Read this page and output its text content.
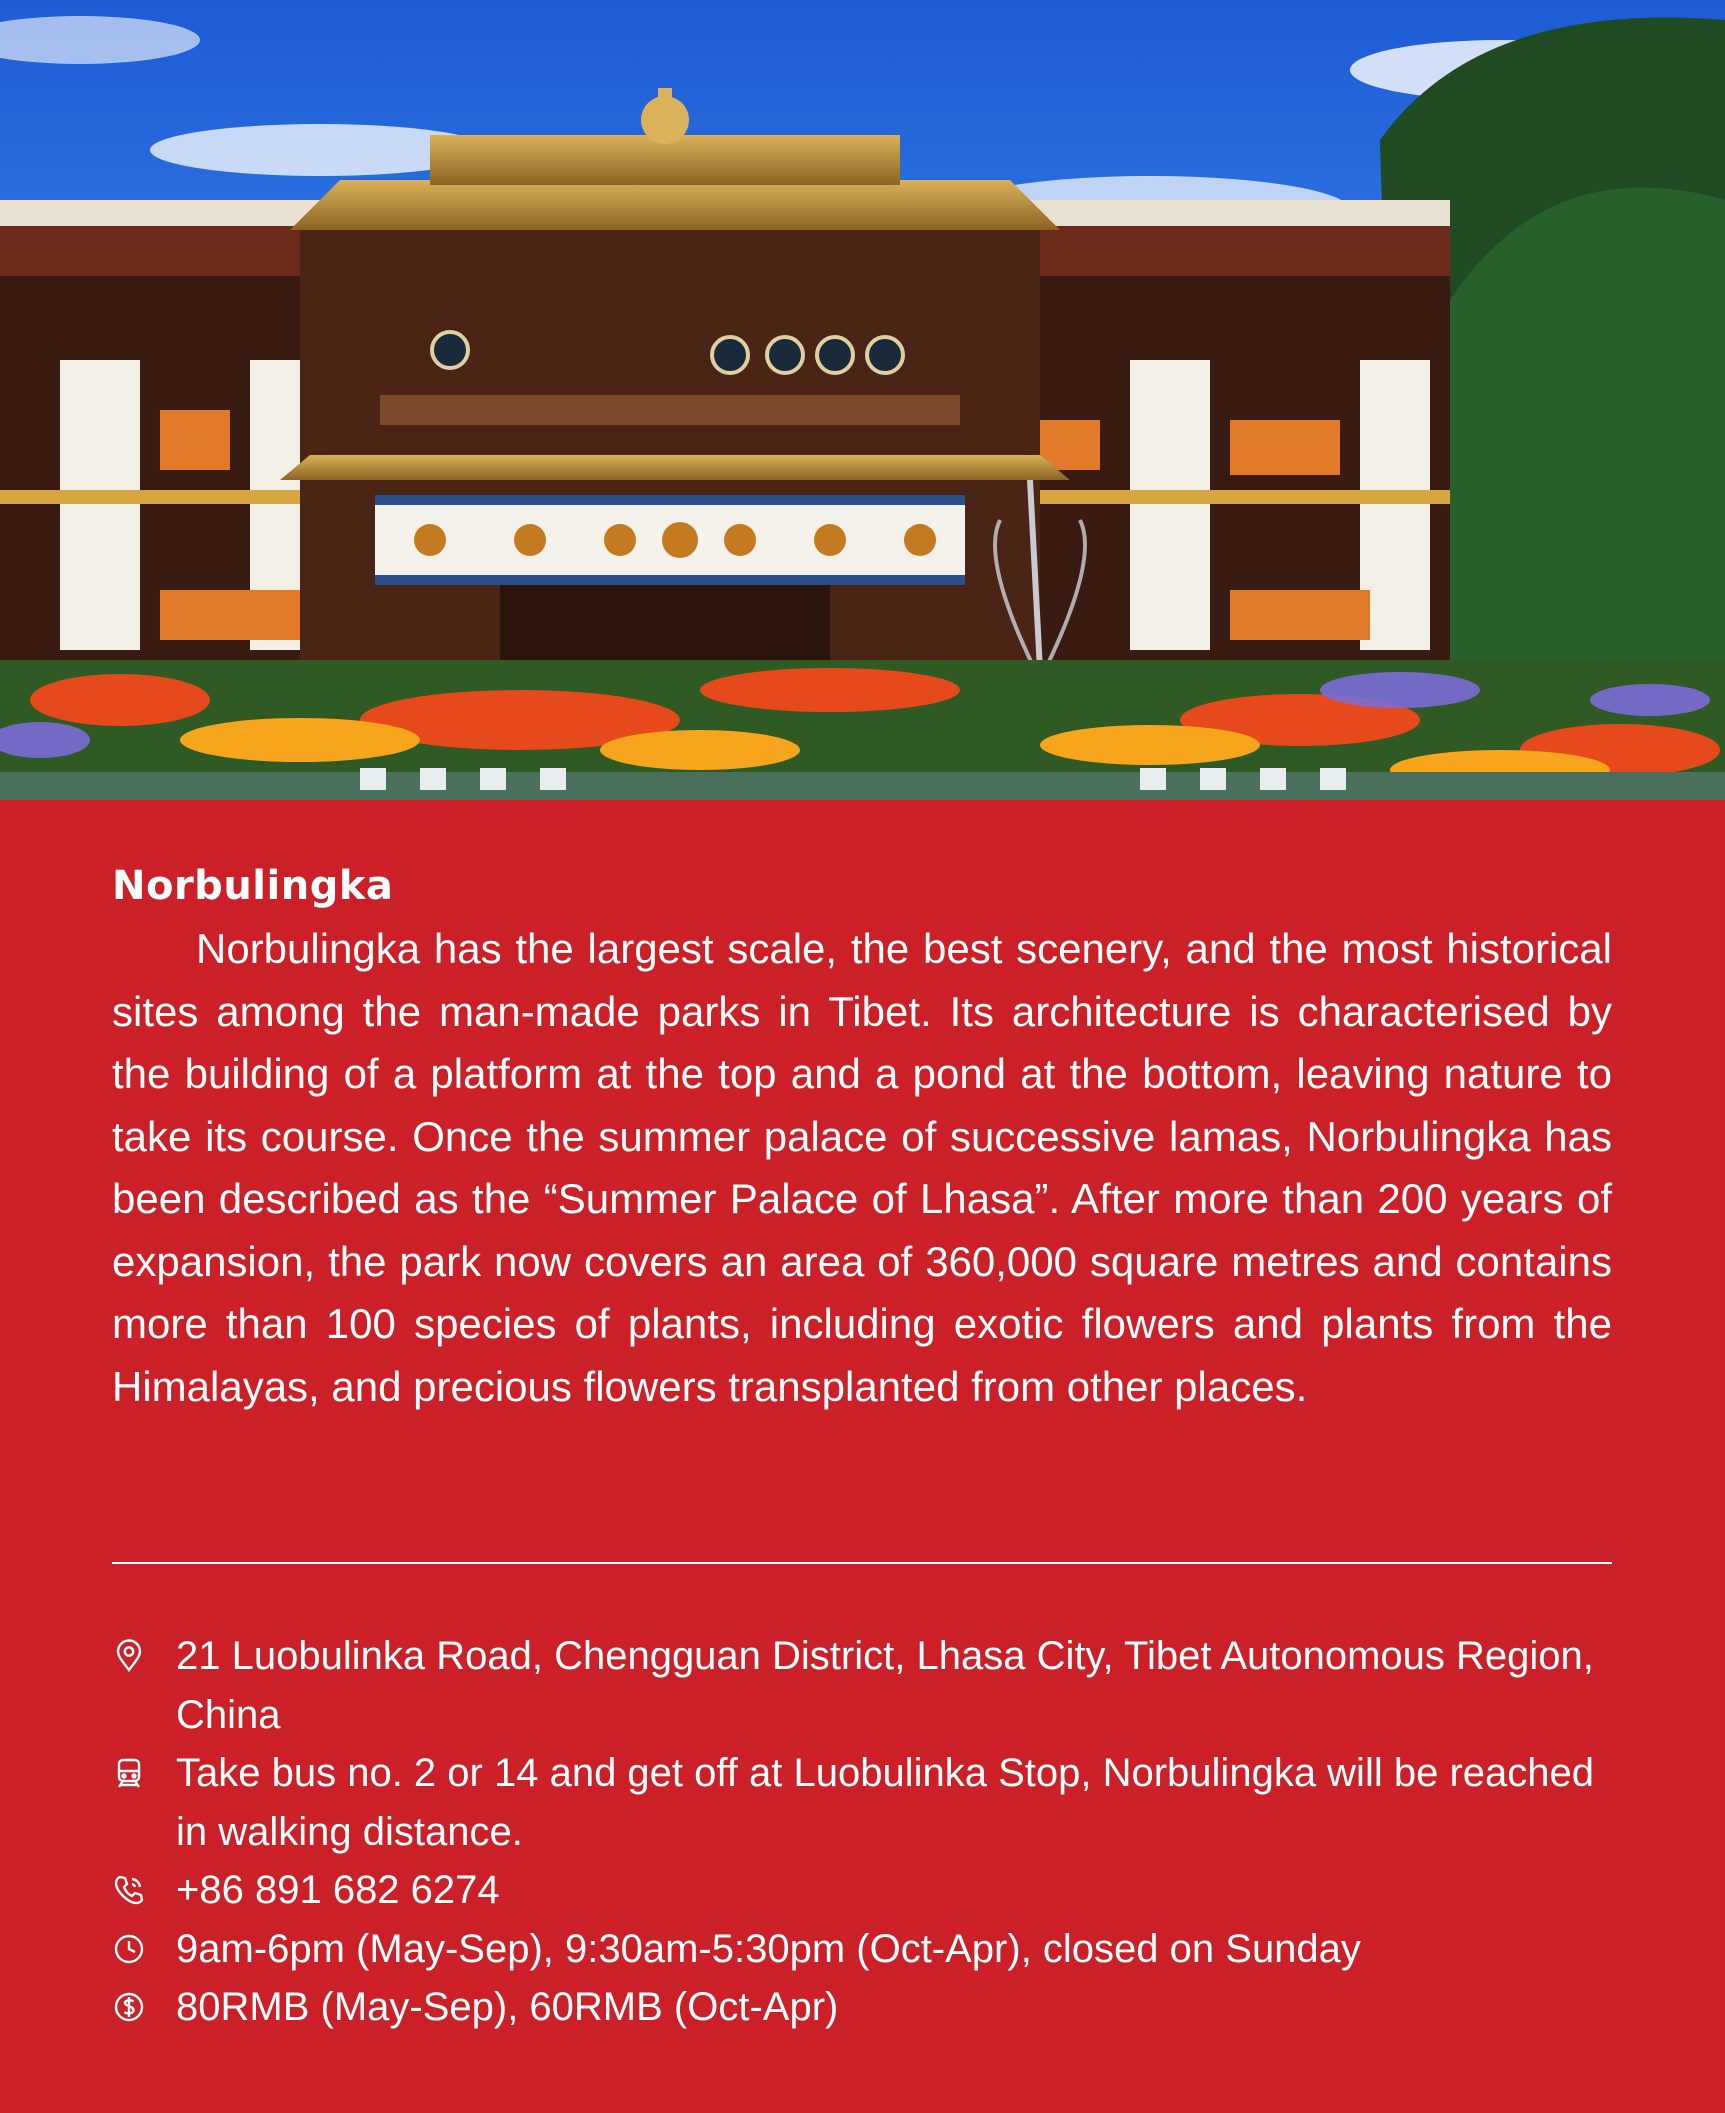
Norbulingka

Norbulingka has the largest scale, the best scenery, and the most historical sites among the man-made parks in Tibet. Its architecture is characterised by the building of a platform at the top and a pond at the bottom, leaving nature to take its course. Once the summer palace of successive lamas, Norbulingka has been described as the “Summer Palace of Lhasa”. After more than 200 years of expansion, the park now covers an area of 360,000 square metres and contains more than 100 species of plants, including exotic flowers and plants from the Himalayas, and precious flowers transplanted from other places.

21 Luobulinka Road, Chengguan District, Lhasa City, Tibet Autonomous Region, China
Take bus no. 2 or 14 and get off at Luobulinka Stop, Norbulingka will be reached in walking distance.
+86 891 682 6274
9am-6pm (May-Sep), 9:30am-5:30pm (Oct-Apr), closed on Sunday
80RMB (May-Sep), 60RMB (Oct-Apr)
